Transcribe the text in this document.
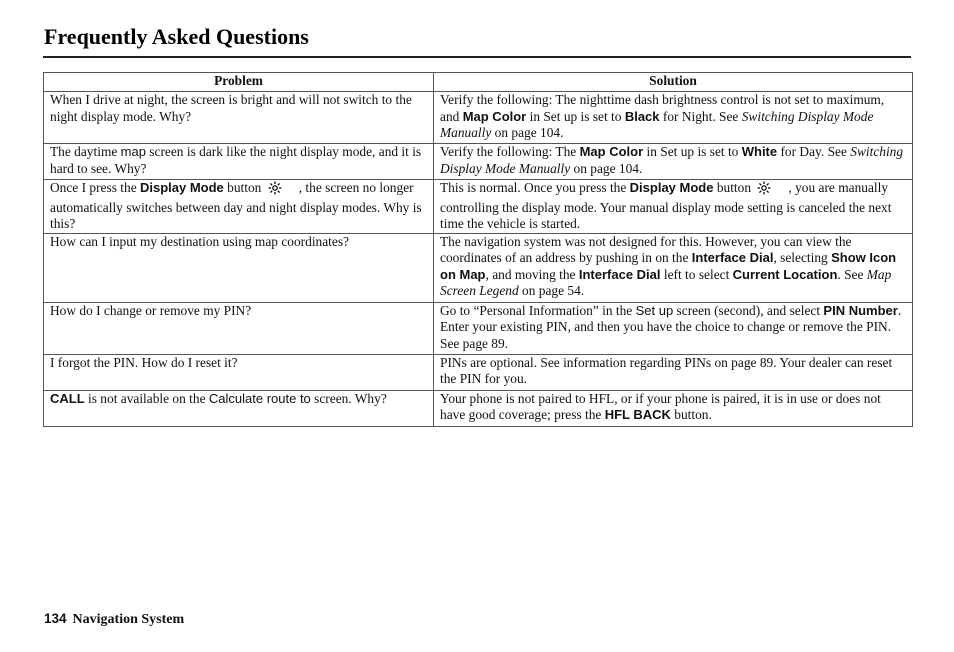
Frequently Asked Questions
Problem	Solution
When I drive at night, the screen is bright and will not switch to the night display mode. Why?	Verify the following: The nighttime dash brightness control is not set to maximum, and Map Color in Set up is set to Black for Night. See Switching Display Mode Manually on page 104.
The daytime map screen is dark like the night display mode, and it is hard to see. Why?	Verify the following: The Map Color in Set up is set to White for Day. See Switching Display Mode Manually on page 104.
Once I press the Display Mode button , the screen no longer automatically switches between day and night display modes. Why is this?	This is normal. Once you press the Display Mode button , you are manually controlling the display mode. Your manual display mode setting is canceled the next time the vehicle is started.
How can I input my destination using map coordinates?	The navigation system was not designed for this. However, you can view the coordinates of an address by pushing in on the Interface Dial, selecting Show Icon on Map, and moving the Interface Dial left to select Current Location. See Map Screen Legend on page 54.
How do I change or remove my PIN?	Go to “Personal Information” in the Set up screen (second), and select PIN Number. Enter your existing PIN, and then you have the choice to change or remove the PIN. See page 89.
I forgot the PIN. How do I reset it?	PINs are optional. See information regarding PINs on page 89. Your dealer can reset the PIN for you.
CALL is not available on the Calculate route to screen. Why?	Your phone is not paired to HFL, or if your phone is paired, it is in use or does not have good coverage; press the HFL BACK button.
134 Navigation System
